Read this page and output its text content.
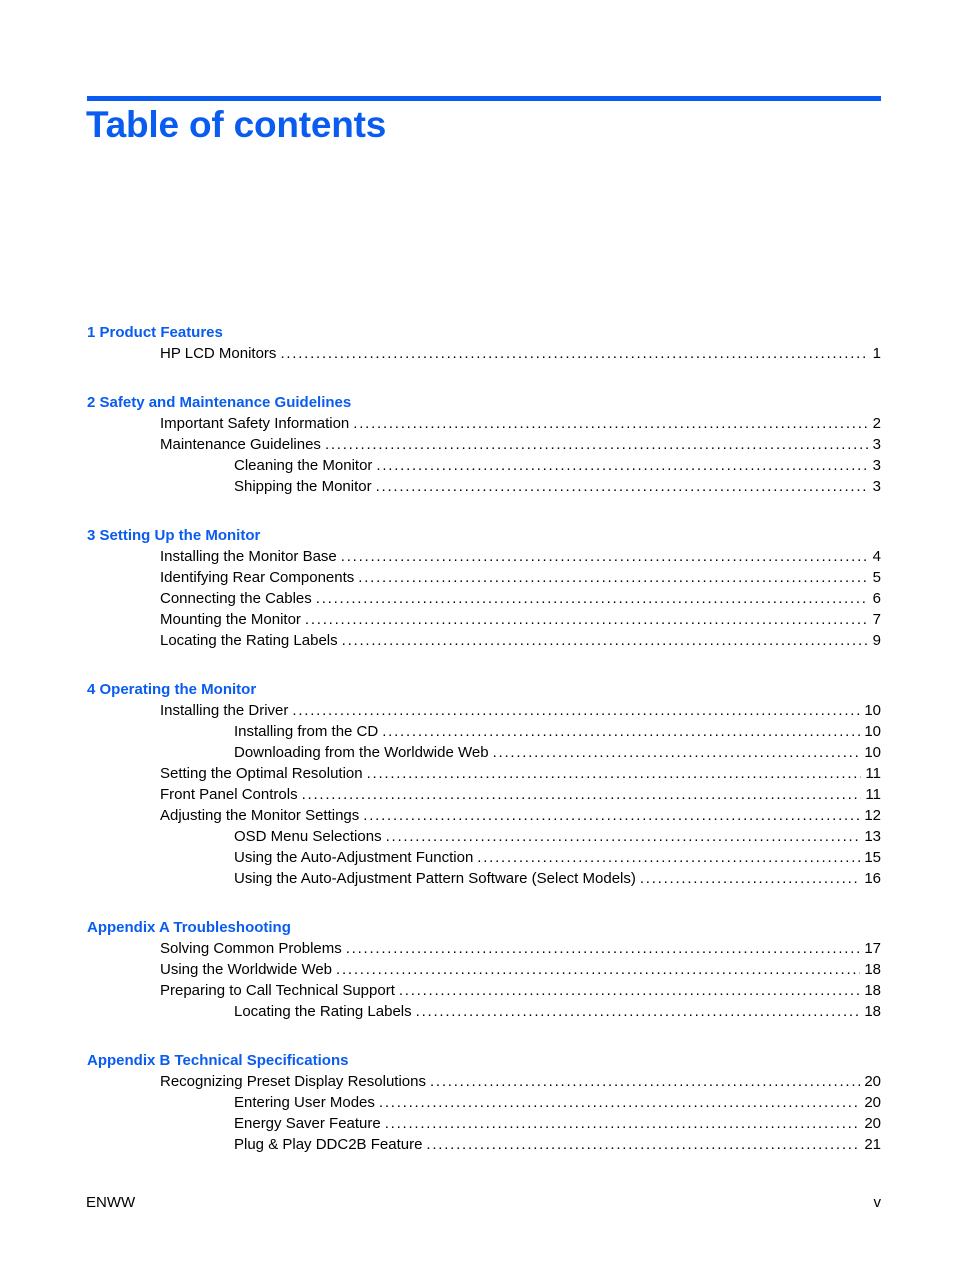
Table of contents
1 Product Features
HP LCD Monitors . . .	1
2 Safety and Maintenance Guidelines
Important Safety Information . . .	2
Maintenance Guidelines . . .	3
Cleaning the Monitor . . .	3
Shipping the Monitor . . .	3
3 Setting Up the Monitor
Installing the Monitor Base . . .	4
Identifying Rear Components . . .	5
Connecting the Cables . . .	6
Mounting the Monitor . . .	7
Locating the Rating Labels . . .	9
4 Operating the Monitor
Installing the Driver . . .	10
Installing from the CD . . .	10
Downloading from the Worldwide Web . . .	10
Setting the Optimal Resolution . . .	11
Front Panel Controls . . .	11
Adjusting the Monitor Settings . . .	12
OSD Menu Selections . . .	13
Using the Auto-Adjustment Function . . .	15
Using the Auto-Adjustment Pattern Software (Select Models) . . .	16
Appendix A Troubleshooting
Solving Common Problems . . .	17
Using the Worldwide Web . . .	18
Preparing to Call Technical Support . . .	18
Locating the Rating Labels . . .	18
Appendix B Technical Specifications
Recognizing Preset Display Resolutions . . .	20
Entering User Modes . . .	20
Energy Saver Feature . . .	20
Plug & Play DDC2B Feature . . .	21
ENWW	v
